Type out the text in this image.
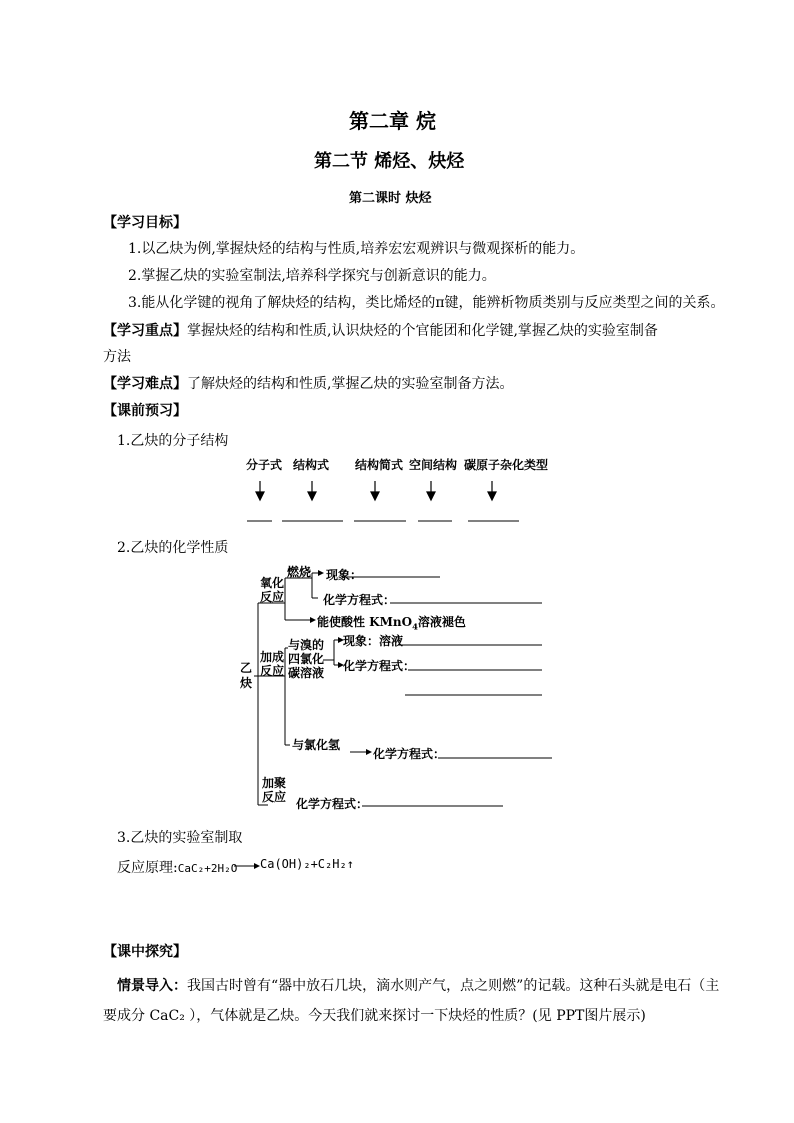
第二章 烷
第二节 烯烃、炔烃
第二课时 炔烃
【学习目标】
1.以乙炔为例,掌握炔烃的结构与性质,培养宏宏观辨识与微观探析的能力。
2.掌握乙炔的实验室制法,培养科学探究与创新意识的能力。
3.能从化学键的视角了解炔烃的结构，类比烯烃的π键，能辨析物质类别与反应类型之间的关系。
【学习重点】掌握炔烃的结构和性质,认识炔烃的个官能团和化学键,掌握乙炔的实验室制备
方法
【学习难点】了解炔烃的结构和性质,掌握乙炔的实验室制备方法。
【课前预习】
1.乙炔的分子结构
分子式 结构式 结构简式 空间结构 碳原子杂化类型
2.乙炔的化学性质
乙
炔
氧化
反应
燃烧 现象：
化学方程式：
能使酸性 KMnO$_4$溶液褪色
加成
反应
与溴的
四氯化
碳溶液
现象：溶液
化学方程式：
与氯化氢
化学方程式：
加聚
反应 化学方程式：
3.乙炔的实验室制取
反应原理:CaC₂+2H₂O Ca(OH)₂+C₂H₂↑
【课中探究】
情景导入：我国古时曾有“器中放石几块，滴水则产气，点之则燃”的记载。这种石头就是电石（主
要成分 CaC₂ ），气体就是乙炔。今天我们就来探讨一下炔烃的性质？(见 PPT图片展示)
